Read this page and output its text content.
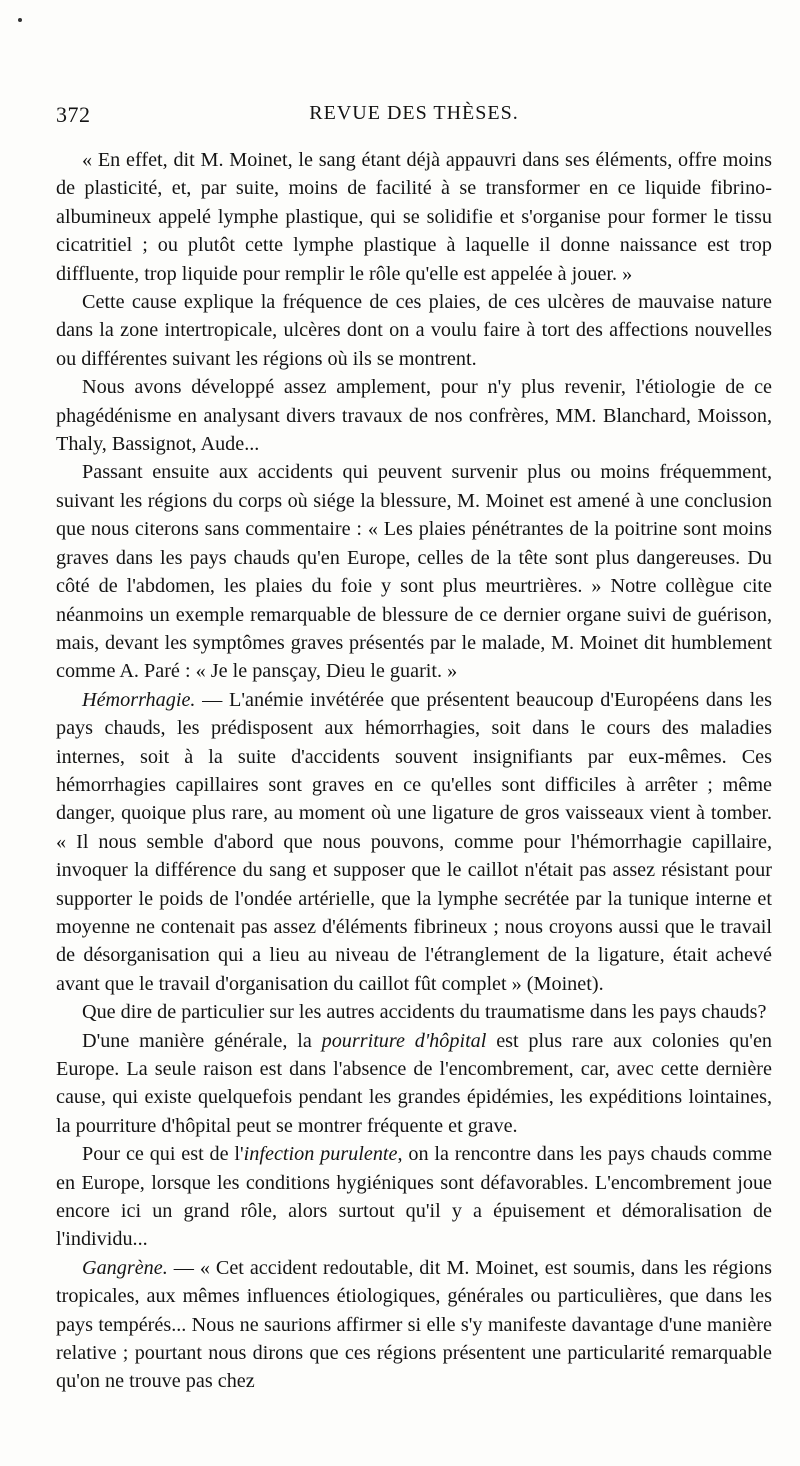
372	REVUE DES THÈSES.

« En effet, dit M. Moinet, le sang étant déjà appauvri dans ses éléments, offre moins de plasticité, et, par suite, moins de facilité à se transformer en ce liquide fibrino-albumineux appelé lymphe plastique, qui se solidifie et s'organise pour former le tissu cicatritiel ; ou plutôt cette lymphe plastique à laquelle il donne naissance est trop diffluente, trop liquide pour remplir le rôle qu'elle est appelée à jouer. »

Cette cause explique la fréquence de ces plaies, de ces ulcères de mauvaise nature dans la zone intertropicale, ulcères dont on a voulu faire à tort des affections nouvelles ou différentes suivant les régions où ils se montrent.

Nous avons développé assez amplement, pour n'y plus revenir, l'étiologie de ce phagédénisme en analysant divers travaux de nos confrères, MM. Blanchard, Moisson, Thaly, Bassignot, Aude...

Passant ensuite aux accidents qui peuvent survenir plus ou moins fréquemment, suivant les régions du corps où siége la blessure, M. Moinet est amené à une conclusion que nous citerons sans commentaire : « Les plaies pénétrantes de la poitrine sont moins graves dans les pays chauds qu'en Europe, celles de la tête sont plus dangereuses. Du côté de l'abdomen, les plaies du foie y sont plus meurtrières. » Notre collègue cite néanmoins un exemple remarquable de blessure de ce dernier organe suivi de guérison, mais, devant les symptômes graves présentés par le malade, M. Moinet dit humblement comme A. Paré : « Je le pansçay, Dieu le guarit. »

Hémorrhagie. — L'anémie invétérée que présentent beaucoup d'Européens dans les pays chauds, les prédisposent aux hémorrhagies, soit dans le cours des maladies internes, soit à la suite d'accidents souvent insignifiants par eux-mêmes. Ces hémorrhagies capillaires sont graves en ce qu'elles sont difficiles à arrêter ; même danger, quoique plus rare, au moment où une ligature de gros vaisseaux vient à tomber. « Il nous semble d'abord que nous pouvons, comme pour l'hémorrhagie capillaire, invoquer la différence du sang et supposer que le caillot n'était pas assez résistant pour supporter le poids de l'ondée artérielle, que la lymphe secrétée par la tunique interne et moyenne ne contenait pas assez d'éléments fibrineux ; nous croyons aussi que le travail de désorganisation qui a lieu au niveau de l'étranglement de la ligature, était achevé avant que le travail d'organisation du caillot fût complet » (Moinet).

Que dire de particulier sur les autres accidents du traumatisme dans les pays chauds?

D'une manière générale, la pourriture d'hôpital est plus rare aux colonies qu'en Europe. La seule raison est dans l'absence de l'encombrement, car, avec cette dernière cause, qui existe quelquefois pendant les grandes épidémies, les expéditions lointaines, la pourriture d'hôpital peut se montrer fréquente et grave.

Pour ce qui est de l'infection purulente, on la rencontre dans les pays chauds comme en Europe, lorsque les conditions hygiéniques sont défavorables. L'encombrement joue encore ici un grand rôle, alors surtout qu'il y a épuisement et démoralisation de l'individu...

Gangrène. — « Cet accident redoutable, dit M. Moinet, est soumis, dans les régions tropicales, aux mêmes influences étiologiques, générales ou particulières, que dans les pays tempérés... Nous ne saurions affirmer si elle s'y manifeste davantage d'une manière relative ; pourtant nous dirons que ces régions présentent une particularité remarquable qu'on ne trouve pas chez
